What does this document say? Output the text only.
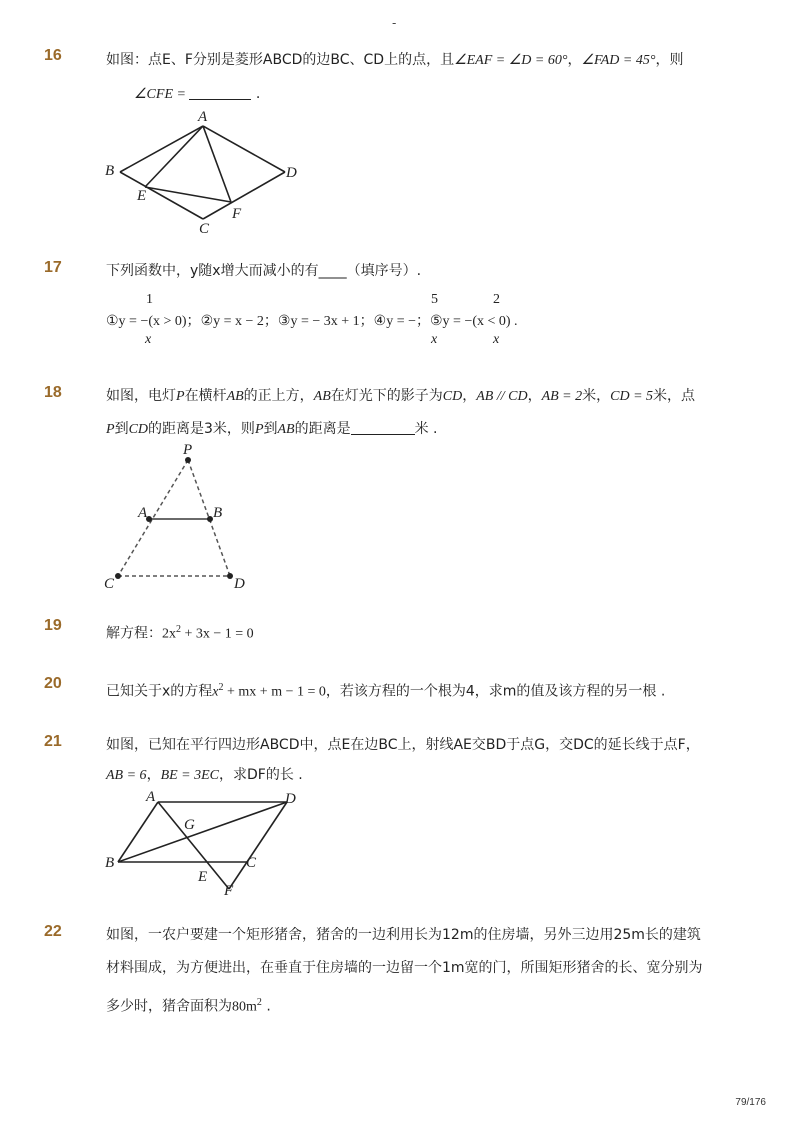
-
16	如图：点E、F分别是菱形ABCD的边BC、CD上的点，且∠EAF = ∠D = 60°，∠FAD = 45°，则
∠CFE =	.
A
B
E
C
F
D
17	下列函数中，y随x增大而减小的有____（填序号）.
1
x
5
x
2
x
①y = −(x > 0)；②y = x − 2；③y = − 3x + 1；④y = −；⑤y = −(x < 0) .
18	如图，电灯P在横杆AB的正上方，AB在灯光下的影子为CD，AB // CD，AB = 2米，CD = 5米，点
P到CD的距离是3米，则P到AB的距离是	米 .
P
A	B
C	D
19	解方程：$2x^2 + 3x - 1 = 0$
20	已知关于x的方程$x^2$ + mx + m − 1 = 0，若该方程的一个根为4，求m的值及该方程的另一根 .
21	如图，已知在平行四边形ABCD中，点E在边BC上，射线AE交BD于点G，交DC的延长线于点F，
AB = 6，BE = 3EC，求DF的长 .
A	D
G
B	C
E
F
22	如图，一农户要建一个矩形猪舍，猪舍的一边利用长为12m的住房墙，另外三边用25m长的建筑
材料围成，为方便进出，在垂直于住房墙的一边留一个1m宽的门，所围矩形猪舍的长、宽分别为
多少时，猪舍面积为$80m^2$ .
79/176
